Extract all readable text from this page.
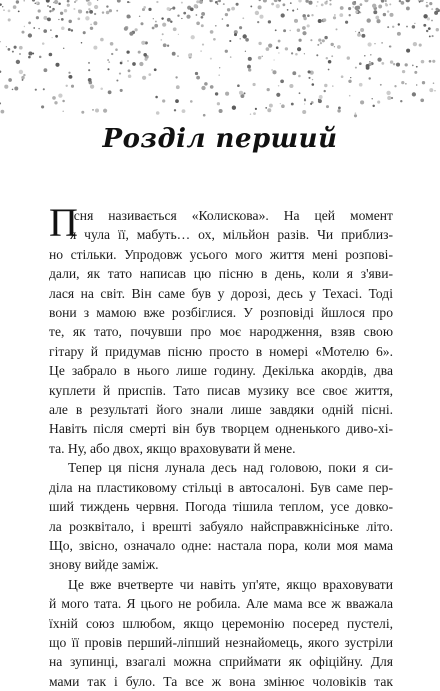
Розділ перший
П
існя називається «Колискова». На цей момент
я чула її, мабуть… ох, мільйон разів. Чи приблиз-
но стільки. Упродовж усього мого життя мені розпові-
дали, як тато написав цю пісню в день, коли я з'яви-
лася на світ. Він саме був у дорозі, десь у Техасі. Тоді
вони з мамою вже розбіглися. У розповіді йшлося про
те, як тато, почувши про моє народження, взяв свою
гітару й придумав пісню просто в номері «Мотелю 6».
Це забрало в нього лише годину. Декілька акордів, два
куплети й приспів. Тато писав музику все своє життя,
але в результаті його знали лише завдяки одній пісні.
Навіть після смерті він був творцем одненького диво-хі-
та. Ну, або двох, якщо враховувати й мене.
Тепер ця пісня лунала десь над головою, поки я си-
діла на пластиковому стільці в автосалоні. Був саме пер-
ший тиждень червня. Погода тішила теплом, усе довко-
ла розквітало, і врешті забуяло найсправжнісіньке літо.
Що, звісно, означало одне: настала пора, коли моя мама
знову вийде заміж.
Це вже вчетверте чи навіть уп'яте, якщо враховувати
й мого тата. Я цього не робила. Але мама все ж вважала
їхній союз шлюбом, якщо церемонію посеред пустелі,
що її провів перший-ліпший незнайомець, якого зустріли
на зупинці, взагалі можна сприймати як офіційну. Для
мами так і було. Та все ж вона змінює чоловіків так
